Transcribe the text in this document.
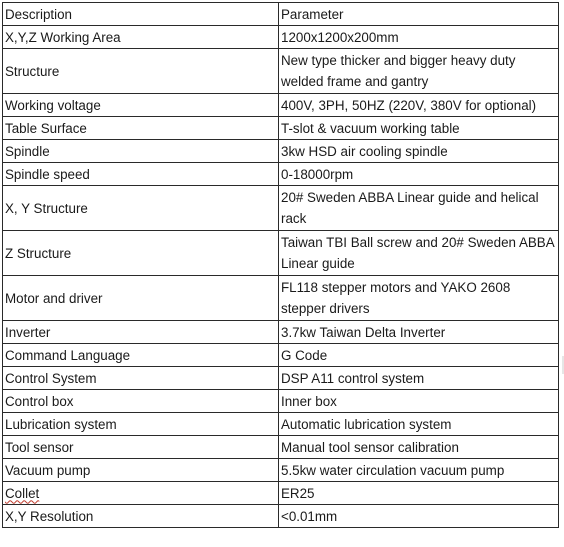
Description	Parameter
X,Y,Z Working Area	1200x1200x200mm
Structure	New type thicker and bigger heavy duty welded frame and gantry
Working voltage	400V, 3PH, 50HZ (220V, 380V for optional)
Table Surface	T-slot & vacuum working table
Spindle	3kw HSD air cooling spindle
Spindle speed	0-18000rpm
X, Y Structure	20# Sweden ABBA Linear guide and helical rack
Z Structure	Taiwan TBI Ball screw and 20# Sweden ABBA Linear guide
Motor and driver	FL118 stepper motors and YAKO 2608 stepper drivers
Inverter	3.7kw Taiwan Delta Inverter
Command Language	G Code
Control System	DSP A11 control system
Control box	Inner box
Lubrication system	Automatic lubrication system
Tool sensor	Manual tool sensor calibration
Vacuum pump	5.5kw water circulation vacuum pump
Collet	ER25
X,Y Resolution	<0.01mm
